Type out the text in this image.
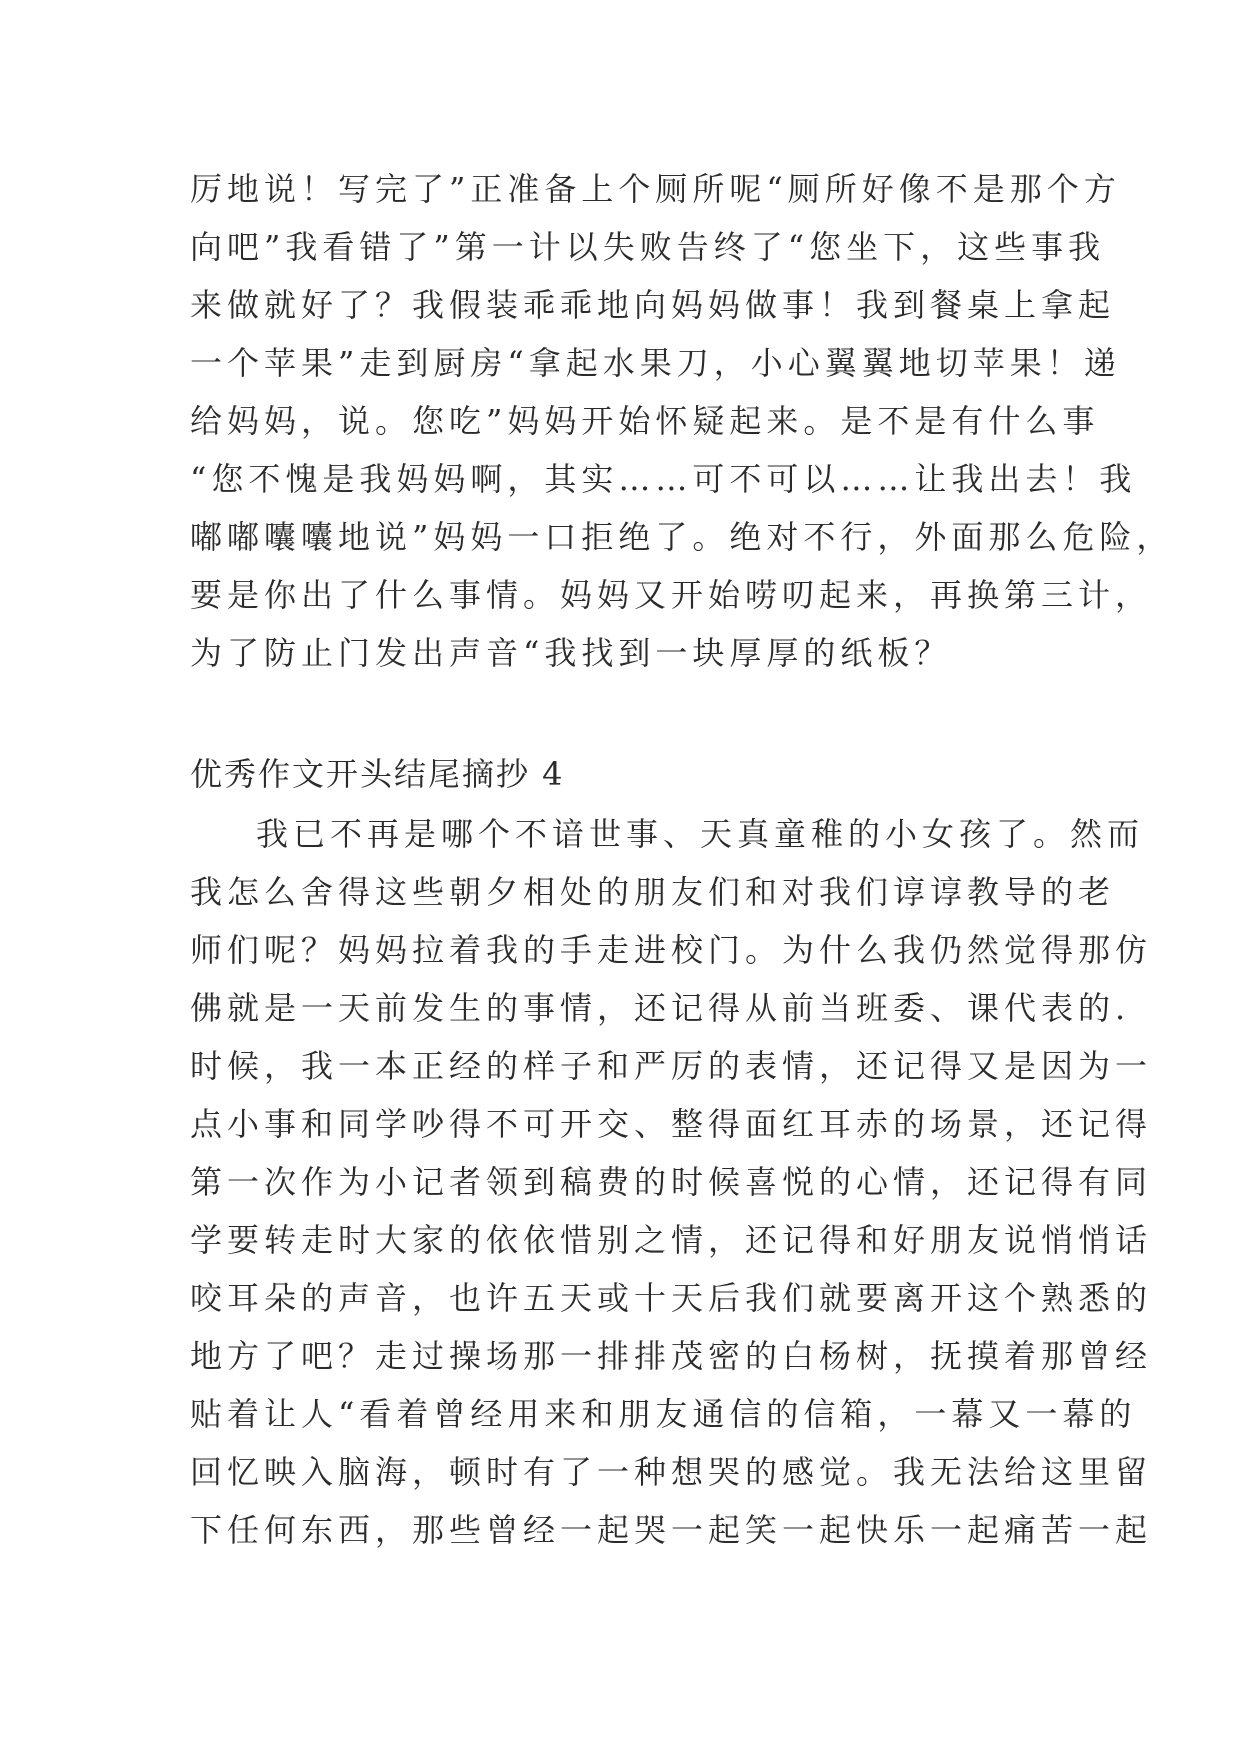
厉地说！写完了”正准备上个厕所呢“厕所好像不是那个方
向吧”我看错了”第一计以失败告终了“您坐下，这些事我
来做就好了？我假装乖乖地向妈妈做事！我到餐桌上拿起
一个苹果”走到厨房“拿起水果刀，小心翼翼地切苹果！递
给妈妈，说。您吃”妈妈开始怀疑起来。是不是有什么事
“您不愧是我妈妈啊，其实……可不可以……让我出去！我
嘟嘟囔囔地说”妈妈一口拒绝了。绝对不行，外面那么危险，
要是你出了什么事情。妈妈又开始唠叨起来，再换第三计，
为了防止门发出声音“我找到一块厚厚的纸板？
优秀作文开头结尾摘抄 4
我已不再是哪个不谙世事、天真童稚的小女孩了。然而
我怎么舍得这些朝夕相处的朋友们和对我们谆谆教导的老
师们呢？妈妈拉着我的手走进校门。为什么我仍然觉得那仿
佛就是一天前发生的事情，还记得从前当班委、课代表的.
时候，我一本正经的样子和严厉的表情，还记得又是因为一
点小事和同学吵得不可开交、整得面红耳赤的场景，还记得
第一次作为小记者领到稿费的时候喜悦的心情，还记得有同
学要转走时大家的依依惜别之情，还记得和好朋友说悄悄话
咬耳朵的声音，也许五天或十天后我们就要离开这个熟悉的
地方了吧？走过操场那一排排茂密的白杨树，抚摸着那曾经
贴着让人“看着曾经用来和朋友通信的信箱，一幕又一幕的
回忆映入脑海，顿时有了一种想哭的感觉。我无法给这里留
下任何东西，那些曾经一起哭一起笑一起快乐一起痛苦一起
